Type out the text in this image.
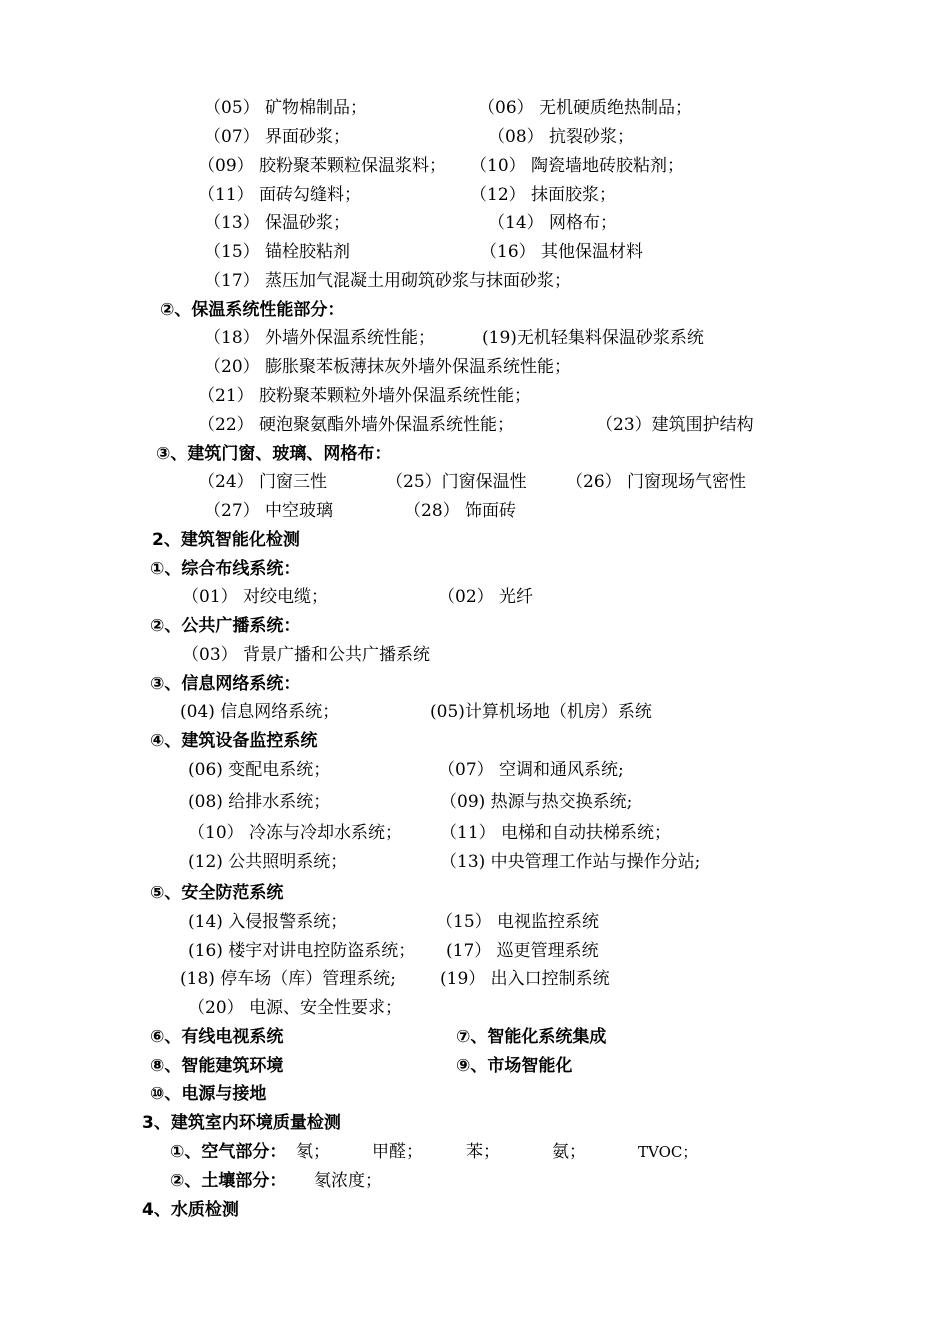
（05） 矿物棉制品；	（06） 无机硬质绝热制品；
（07） 界面砂浆；	（08） 抗裂砂浆；
（09） 胶粉聚苯颗粒保温浆料； （10） 陶瓷墙地砖胶粘剂；
（11） 面砖勾缝料；	（12） 抹面胶浆；
（13） 保温砂浆；	（14） 网格布；
（15） 锚栓胶粘剂	（16） 其他保温材料
（17） 蒸压加气混凝土用砌筑砂浆与抹面砂浆；
②、保温系统性能部分：
（18） 外墙外保温系统性能；	(19)无机轻集料保温砂浆系统
（20） 膨胀聚苯板薄抹灰外墙外保温系统性能；
（21） 胶粉聚苯颗粒外墙外保温系统性能；
（22） 硬泡聚氨酯外墙外保温系统性能；	（23）建筑围护结构
③、建筑门窗、玻璃、网格布：
（24） 门窗三性	（25）门窗保温性 （26） 门窗现场气密性
（27） 中空玻璃	（28） 饰面砖
2、建筑智能化检测
①、综合布线系统：
（01） 对绞电缆；	（02） 光纤
②、公共广播系统：
（03） 背景广播和公共广播系统
③、信息网络系统：
(04) 信息网络系统；	(05)计算机场地（机房）系统
④、建筑设备监控系统
(06) 变配电系统；	（07） 空调和通风系统;
(08) 给排水系统；	（09) 热源与热交换系统;
（10） 冷冻与冷却水系统； （11） 电梯和自动扶梯系统；
(12) 公共照明系统；	（13) 中央管理工作站与操作分站;
⑤、安全防范系统
(14) 入侵报警系统；	（15） 电视监控系统
(16) 楼宇对讲电控防盗系统； (17） 巡更管理系统
(18) 停车场（库）管理系统;	(19） 出入口控制系统
（20） 电源、安全性要求；
⑥、有线电视系统	⑦、智能化系统集成
⑧、智能建筑环境	⑨、市场智能化
⑩、电源与接地
3、建筑室内环境质量检测
①、空气部分： 氡； 甲醛；	苯；	氨；	TVOC；
②、土壤部分： 氡浓度；
4、水质检测
